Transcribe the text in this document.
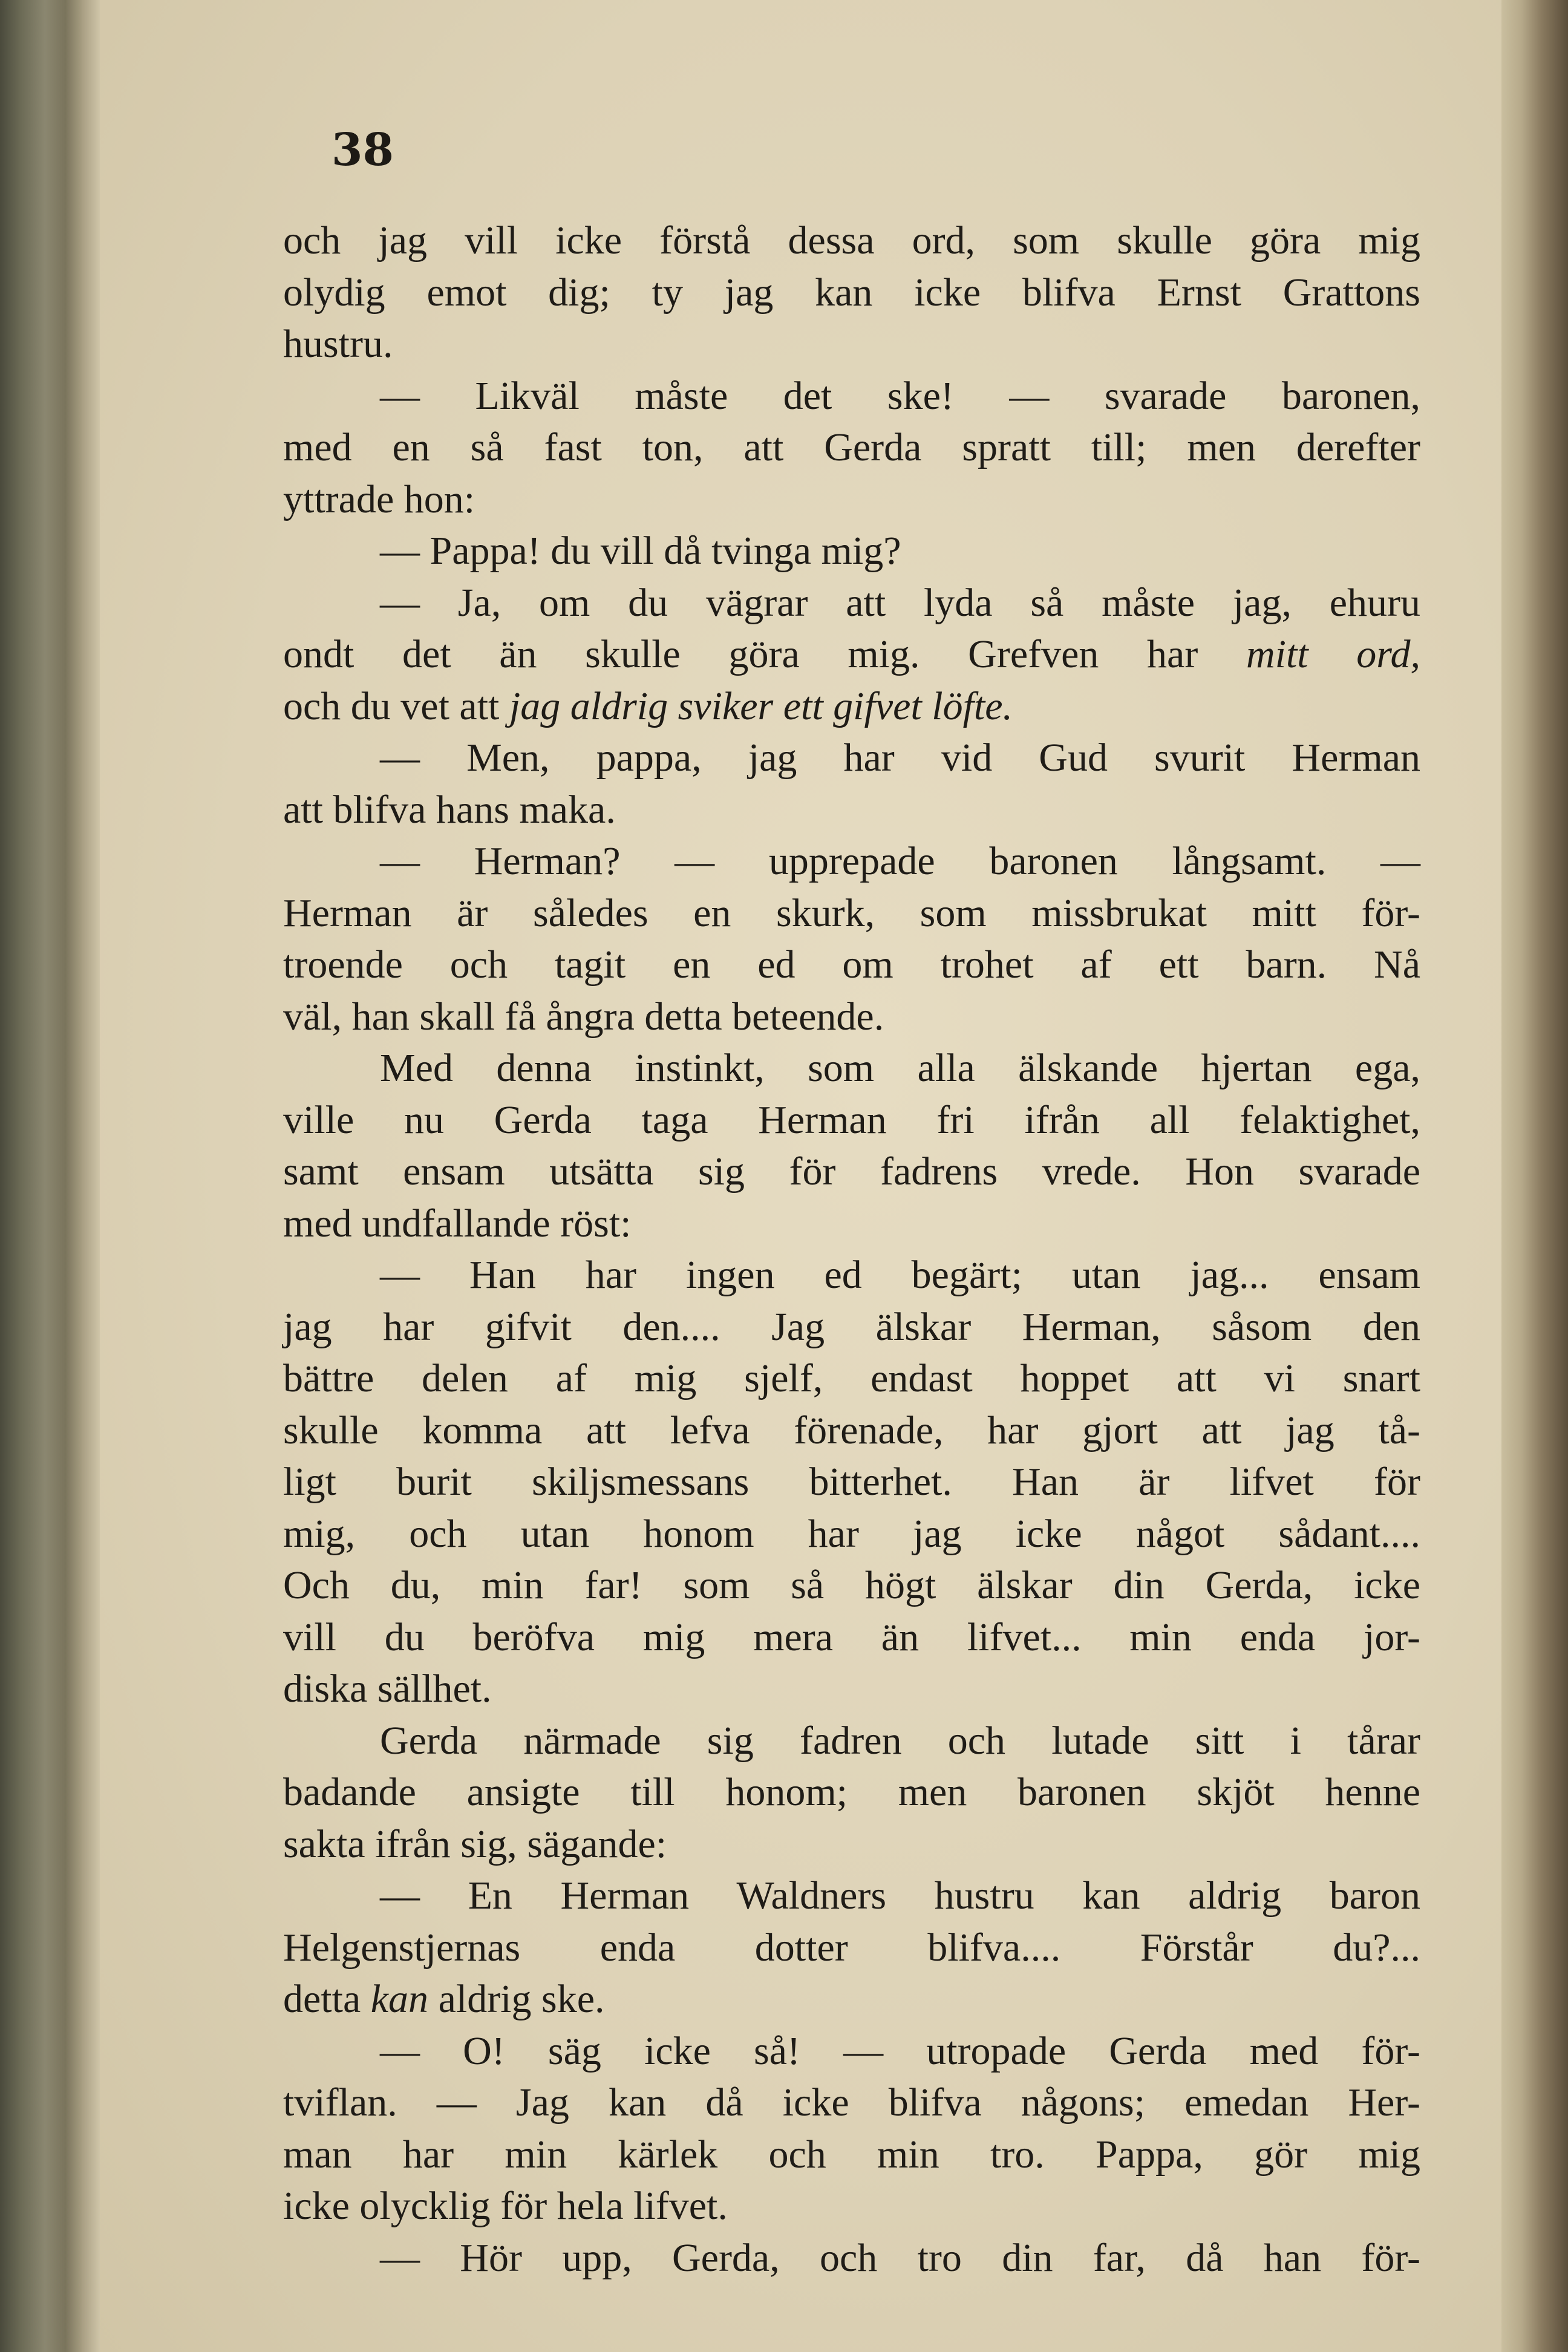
38

och jag vill icke förstå dessa ord, som skulle göra mig
olydig emot dig; ty jag kan icke blifva Ernst Grattons
hustru.
— Likväl måste det ske! — svarade baronen,
med en så fast ton, att Gerda spratt till; men derefter
yttrade hon:
— Pappa! du vill då tvinga mig?
— Ja, om du vägrar att lyda så måste jag, ehuru
ondt det än skulle göra mig. Grefven har mitt ord,
och du vet att jag aldrig sviker ett gifvet löfte.
— Men, pappa, jag har vid Gud svurit Herman
att blifva hans maka.
— Herman? — upprepade baronen långsamt. —
Herman är således en skurk, som missbrukat mitt för-
troende och tagit en ed om trohet af ett barn. Nå
väl, han skall få ångra detta beteende.
Med denna instinkt, som alla älskande hjertan ega,
ville nu Gerda taga Herman fri ifrån all felaktighet,
samt ensam utsätta sig för fadrens vrede. Hon svarade
med undfallande röst:
— Han har ingen ed begärt; utan jag... ensam
jag har gifvit den.... Jag älskar Herman, såsom den
bättre delen af mig sjelf, endast hoppet att vi snart
skulle komma att lefva förenade, har gjort att jag tå-
ligt burit skiljsmessans bitterhet. Han är lifvet för
mig, och utan honom har jag icke något sådant....
Och du, min far! som så högt älskar din Gerda, icke
vill du beröfva mig mera än lifvet... min enda jor-
diska sällhet.
Gerda närmade sig fadren och lutade sitt i tårar
badande ansigte till honom; men baronen skjöt henne
sakta ifrån sig, sägande:
— En Herman Waldners hustru kan aldrig baron
Helgenstjernas enda dotter blifva.... Förstår du?...
detta kan aldrig ske.
— O! säg icke så! — utropade Gerda med för-
tviflan. — Jag kan då icke blifva någons; emedan Her-
man har min kärlek och min tro. Pappa, gör mig
icke olycklig för hela lifvet.
— Hör upp, Gerda, och tro din far, då han för-
